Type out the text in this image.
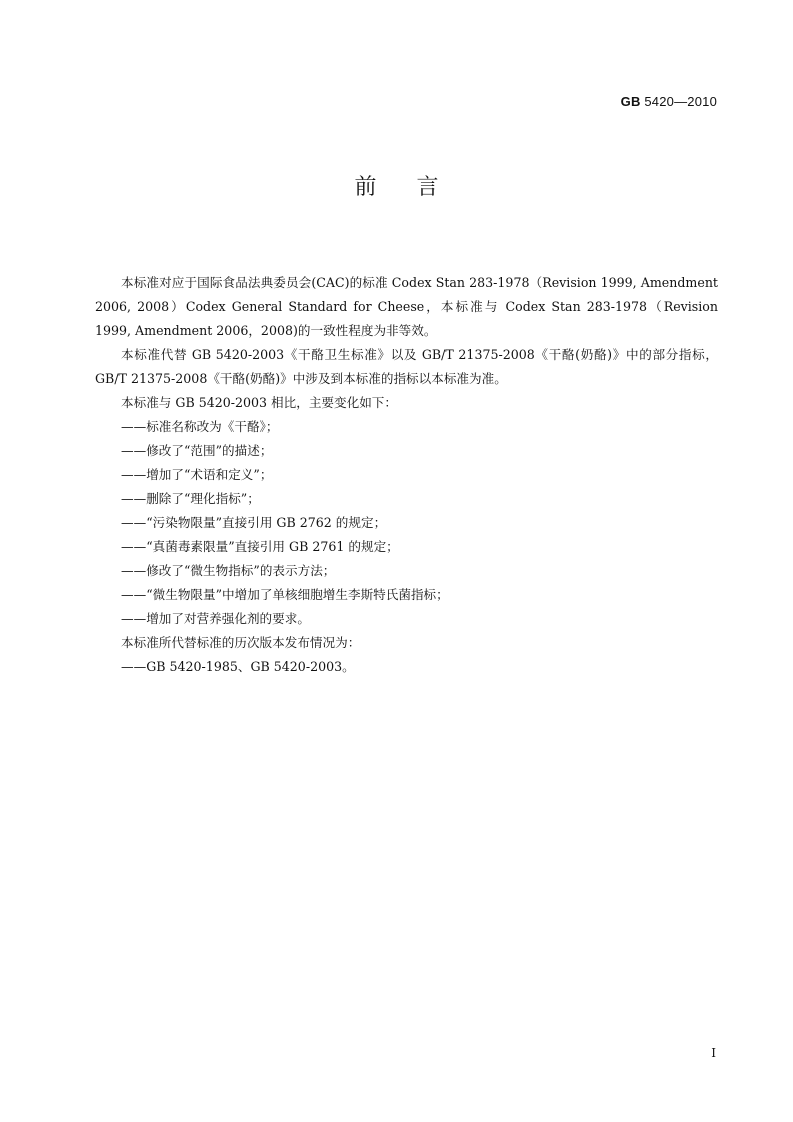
GB 5420—2010
前 言

本标准对应于国际食品法典委员会(CAC)的标准 Codex Stan 283-1978（Revision 1999, Amendment 2006, 2008）Codex General Standard for Cheese，本标准与 Codex Stan 283-1978（Revision 1999, Amendment 2006，2008)的一致性程度为非等效。

本标准代替 GB 5420-2003《干酪卫生标准》以及 GB/T 21375-2008《干酪(奶酪)》中的部分指标，GB/T 21375-2008《干酪(奶酪)》中涉及到本标准的指标以本标准为准。

本标准与 GB 5420-2003 相比，主要变化如下：

——标准名称改为《干酪》；

——修改了“范围”的描述；

——增加了“术语和定义”；

——删除了“理化指标”；

——“污染物限量”直接引用 GB 2762 的规定；

——“真菌毒素限量”直接引用 GB 2761 的规定；

——修改了“微生物指标”的表示方法；

——“微生物限量”中增加了单核细胞增生李斯特氏菌指标；

——增加了对营养强化剂的要求。

本标准所代替标准的历次版本发布情况为：

——GB 5420-1985、GB 5420-2003。

I
